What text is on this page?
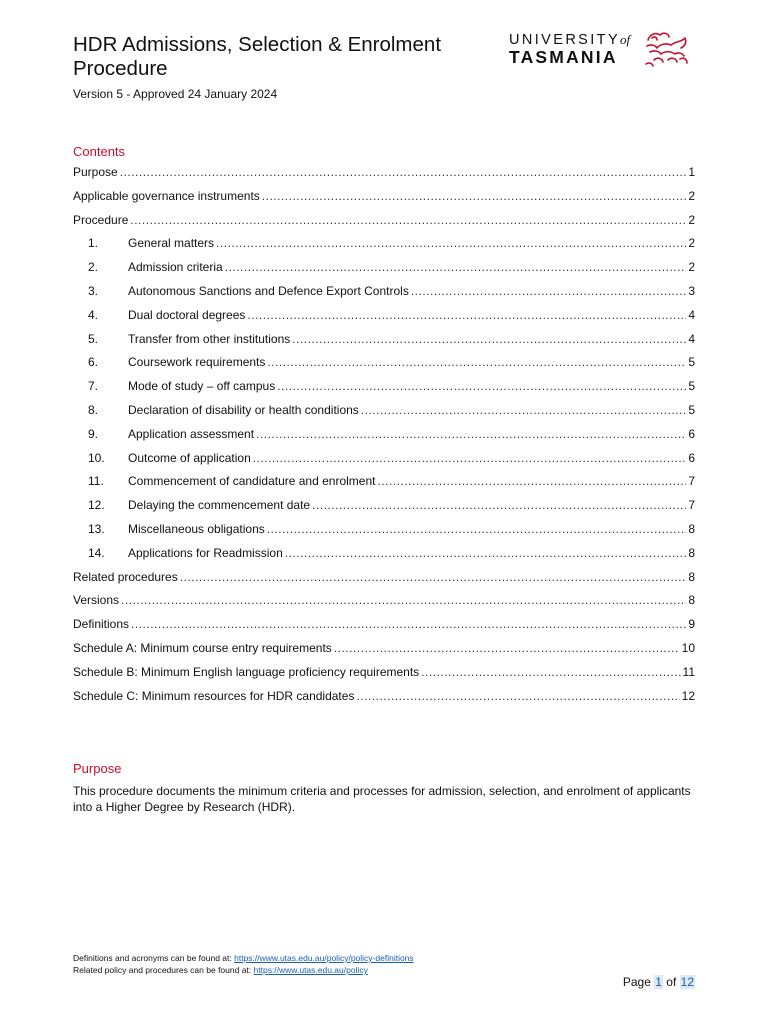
HDR Admissions, Selection & Enrolment Procedure
Version 5 - Approved 24 January 2024
UNIVERSITYof
TASMANIA
Contents
Purpose .....	1
Applicable governance instruments .....	2
Procedure .....	2
1.	General matters .....	2
2.	Admission criteria .....	2
3.	Autonomous Sanctions and Defence Export Controls .....	3
4.	Dual doctoral degrees .....	4
5.	Transfer from other institutions .....	4
6.	Coursework requirements .....	5
7.	Mode of study – off campus .....	5
8.	Declaration of disability or health conditions .....	5
9.	Application assessment .....	6
10.	Outcome of application .....	6
11.	Commencement of candidature and enrolment .....	7
12.	Delaying the commencement date .....	7
13.	Miscellaneous obligations .....	8
14.	Applications for Readmission .....	8
Related procedures .....	8
Versions .....	8
Definitions .....	9
Schedule A: Minimum course entry requirements .....	10
Schedule B: Minimum English language proficiency requirements .....	11
Schedule C: Minimum resources for HDR candidates .....	12
Purpose

This procedure documents the minimum criteria and processes for admission, selection, and enrolment of applicants into a Higher Degree by Research (HDR).

Definitions and acronyms can be found at: https://www.utas.edu.au/policy/policy-definitions
Related policy and procedures can be found at: https://www.utas.edu.au/policy
Page 1 of 12
